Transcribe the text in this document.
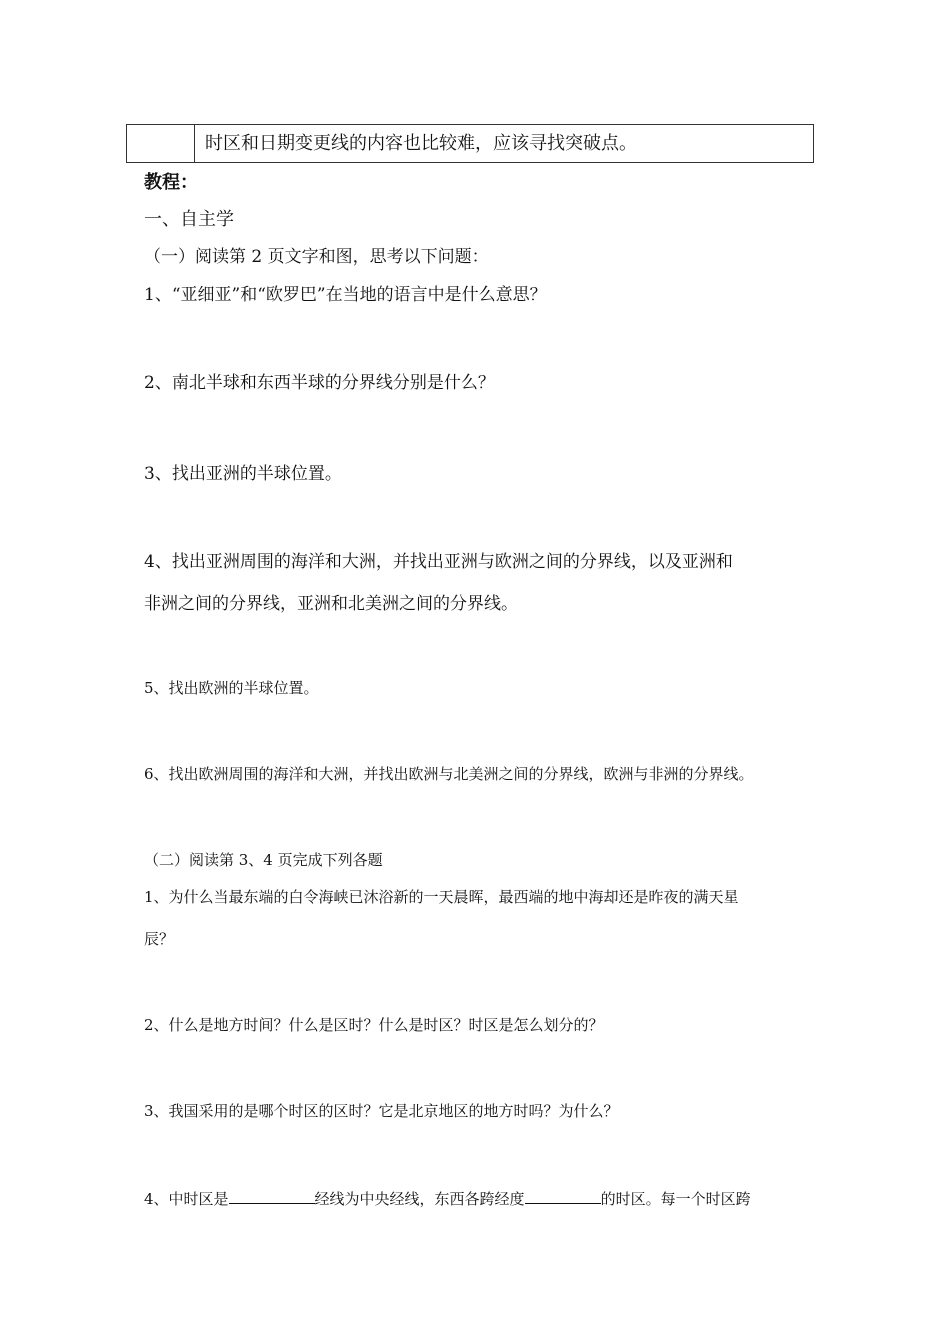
时区和日期变更线的内容也比较难，应该寻找突破点。
教程：
一、自主学
（一）阅读第 2 页文字和图，思考以下问题：
1、“亚细亚”和“欧罗巴”在当地的语言中是什么意思？
2、南北半球和东西半球的分界线分别是什么？
3、找出亚洲的半球位置。
4、找出亚洲周围的海洋和大洲，并找出亚洲与欧洲之间的分界线，以及亚洲和
非洲之间的分界线，亚洲和北美洲之间的分界线。
5、找出欧洲的半球位置。
6、找出欧洲周围的海洋和大洲，并找出欧洲与北美洲之间的分界线，欧洲与非洲的分界线。
（二）阅读第 3、4 页完成下列各题
1、为什么当最东端的白令海峡已沐浴新的一天晨晖，最西端的地中海却还是昨夜的满天星
辰？
2、什么是地方时间？什么是区时？什么是时区？时区是怎么划分的？
3、我国采用的是哪个时区的区时？它是北京地区的地方时吗？为什么？
4、中时区是	经线为中央经线，东西各跨经度	的时区。每一个时区跨
